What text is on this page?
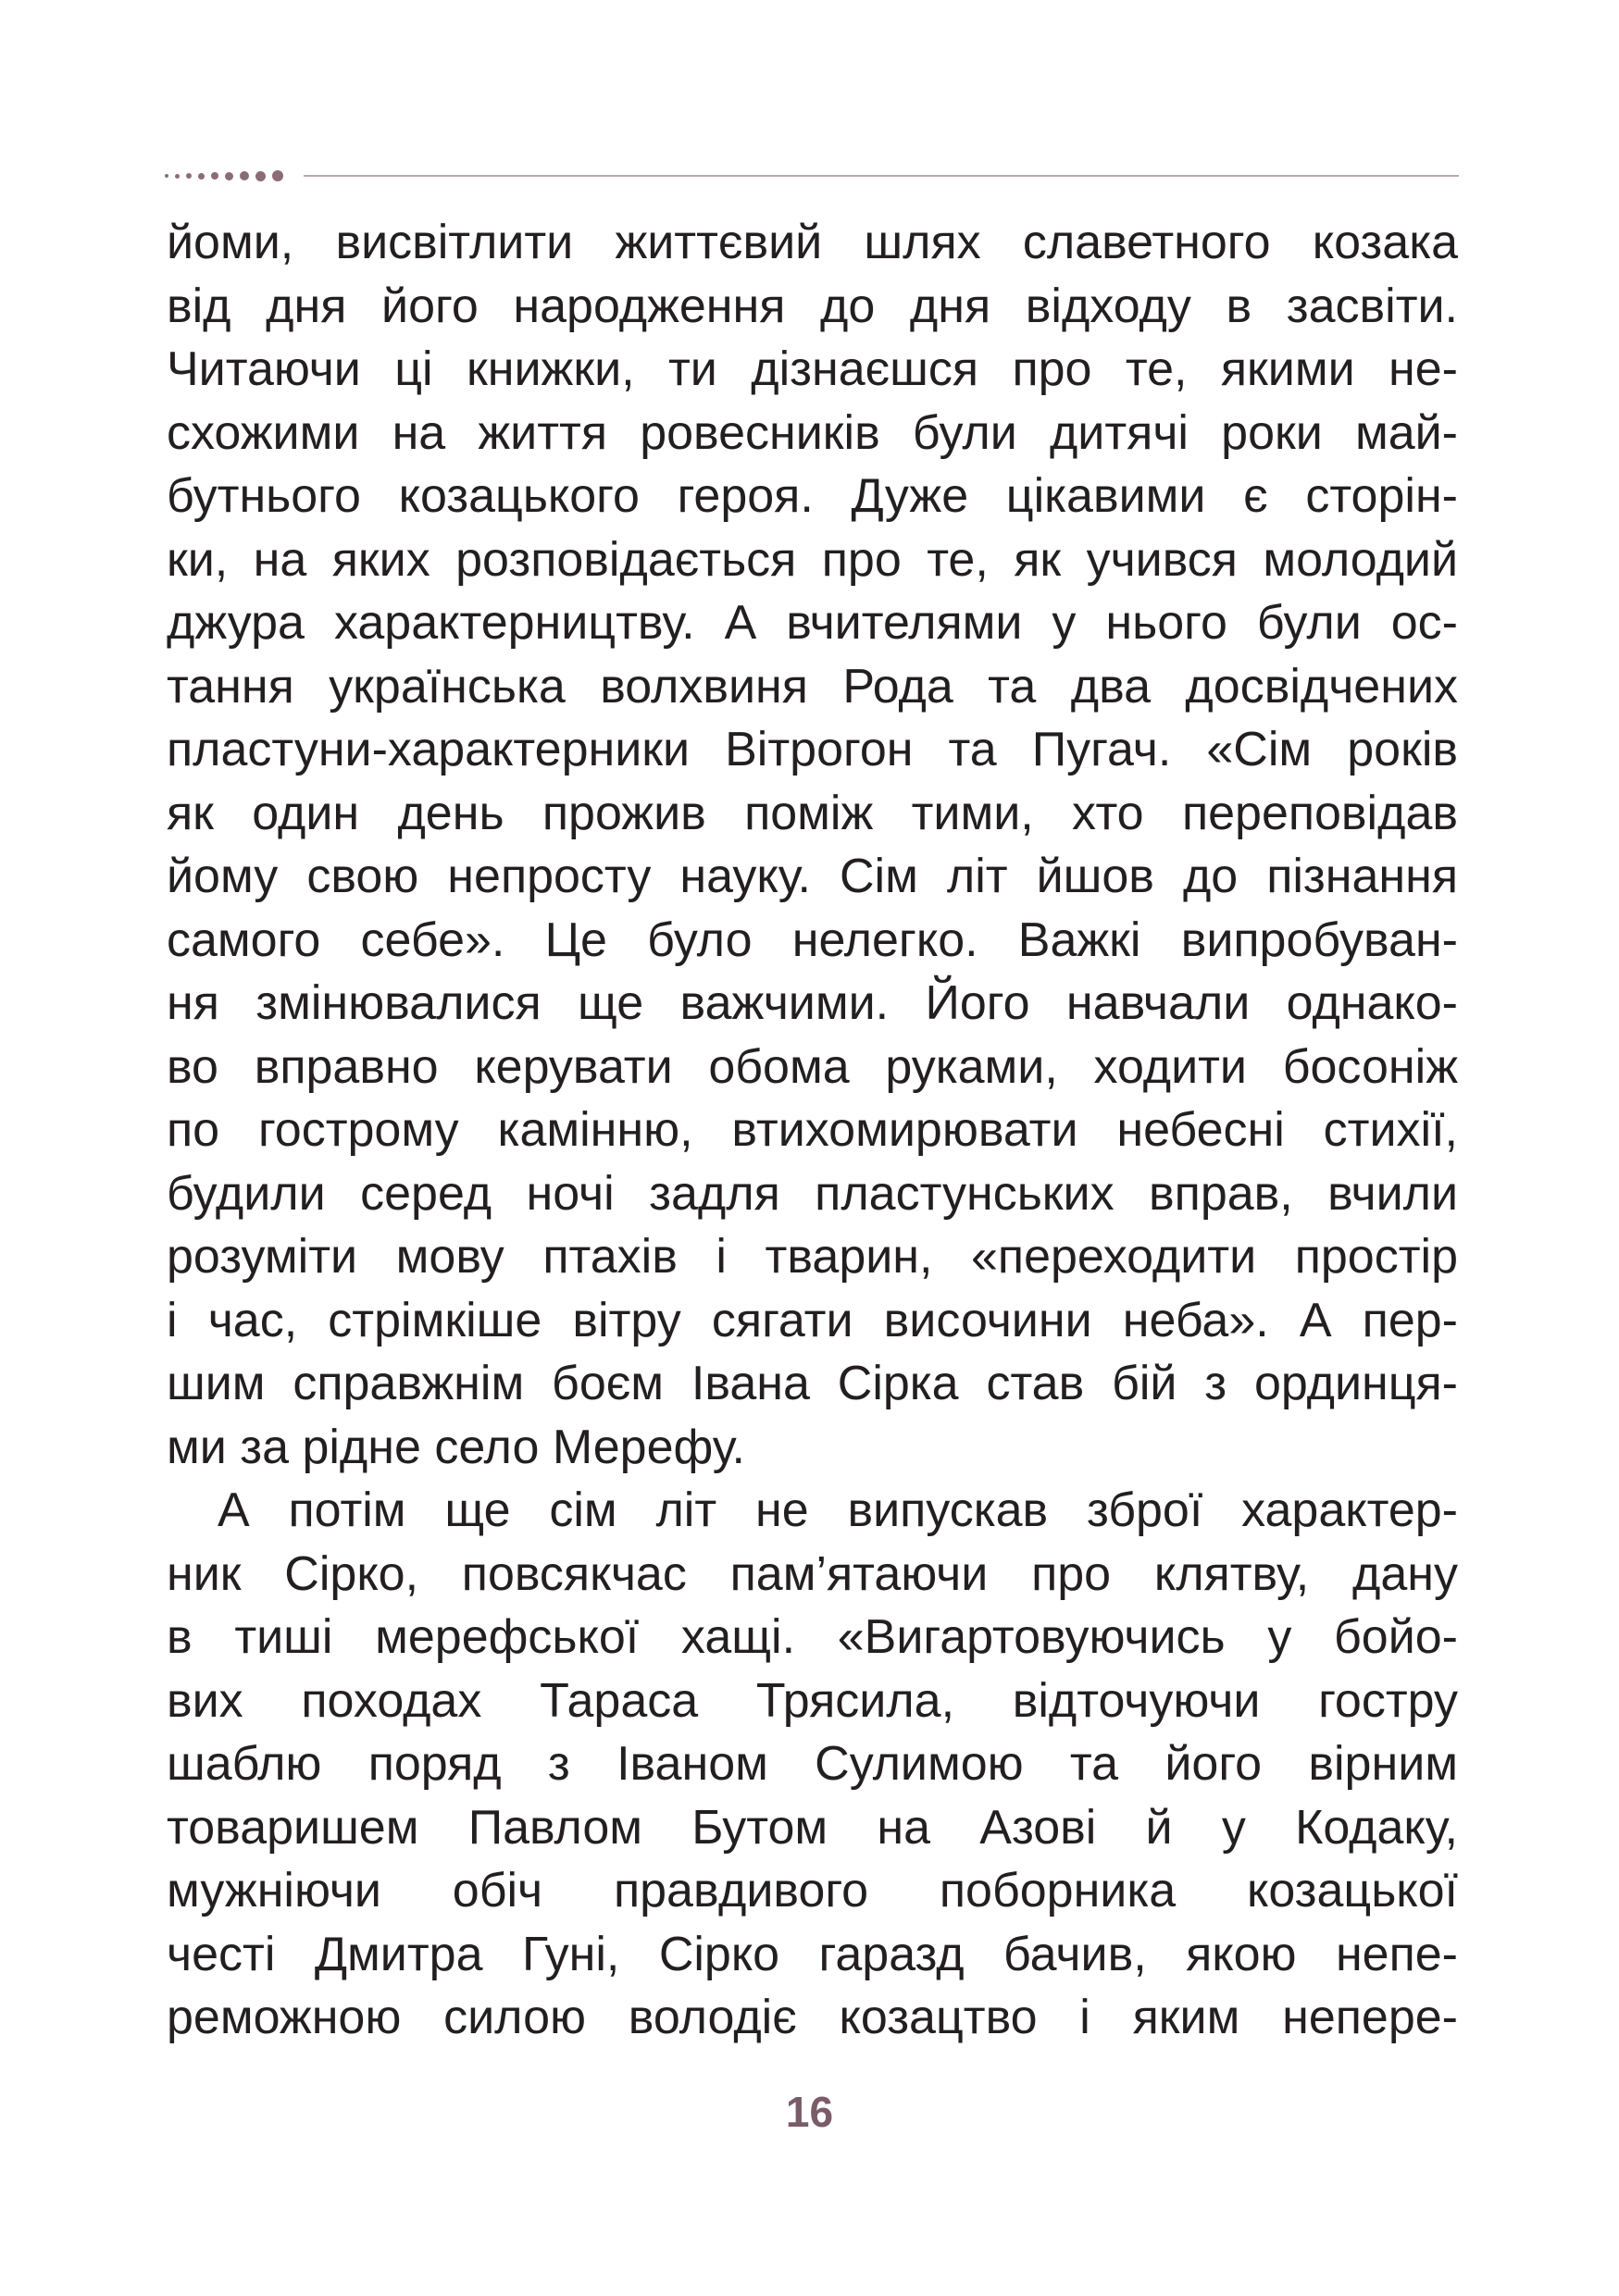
йоми, висвітлити життєвий шлях славетного козака
від дня його народження до дня відходу в засвіти.
Читаючи ці книжки, ти дізнаєшся про те, якими не-
схожими на життя ровесників були дитячі роки май-
бутнього козацького героя. Дуже цікавими є сторін-
ки, на яких розповідається про те, як учився молодий
джура характерництву. А вчителями у нього були ос-
тання українська волхвиня Рода та два досвідчених
пластуни-характерники Вітрогон та Пугач. «Сім років
як один день прожив поміж тими, хто переповідав
йому свою непросту науку. Сім літ йшов до пізнання
самого себе». Це було нелегко. Важкі випробуван-
ня змінювалися ще важчими. Його навчали однако-
во вправно керувати обома руками, ходити босоніж
по гострому камінню, втихомирювати небесні стихії,
будили серед ночі задля пластунських вправ, вчили
розуміти мову птахів і тварин, «переходити простір
і час, стрімкіше вітру сягати височини неба». А пер-
шим справжнім боєм Івана Сірка став бій з ординця-
ми за рідне село Мерефу.
А потім ще сім літ не випускав зброї характер-
ник Сірко, повсякчас пам’ятаючи про клятву, дану
в тиші мерефської хащі. «Вигартовуючись у бойо-
вих походах Тараса Трясила, відточуючи гостру
шаблю поряд з Іваном Сулимою та його вірним
товаришем Павлом Бутом на Азові й у Кодаку,
мужніючи обіч правдивого поборника козацької
честі Дмитра Гуні, Сірко гаразд бачив, якою непе-
реможною силою володіє козацтво і яким непере-
16
